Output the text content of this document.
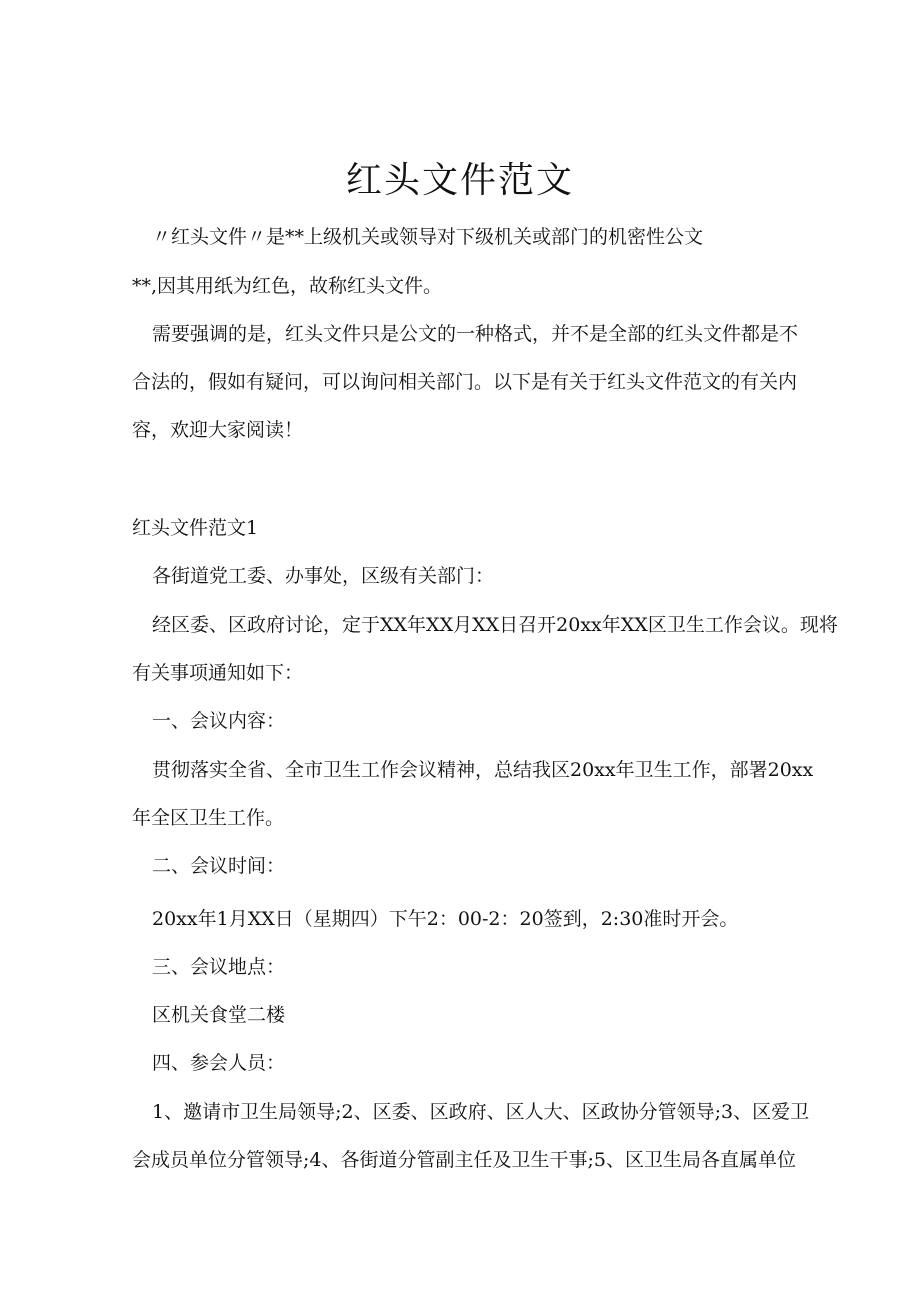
红头文件范文

〃红头文件〃是**上级机关或领导对下级机关或部门的机密性公文

**,因其用纸为红色，故称红头文件。

需要强调的是，红头文件只是公文的一种格式，并不是全部的红头文件都是不

合法的，假如有疑问，可以询问相关部门。以下是有关于红头文件范文的有关内

容，欢迎大家阅读！

红头文件范文1

各街道党工委、办事处，区级有关部门：

经区委、区政府讨论，定于XX年XX月XX日召开20xx年XX区卫生工作会议。现将

有关事项通知如下：

一、会议内容：

贯彻落实全省、全市卫生工作会议精神，总结我区20xx年卫生工作，部署20xx

年全区卫生工作。

二、会议时间：

20xx年1月XX日（星期四）下午2：00-2：20签到，2:30准时开会。

三、会议地点：

区机关食堂二楼

四、参会人员：

1、邀请市卫生局领导;2、区委、区政府、区人大、区政协分管领导;3、区爱卫

会成员单位分管领导;4、各街道分管副主任及卫生干事;5、区卫生局各直属单位
